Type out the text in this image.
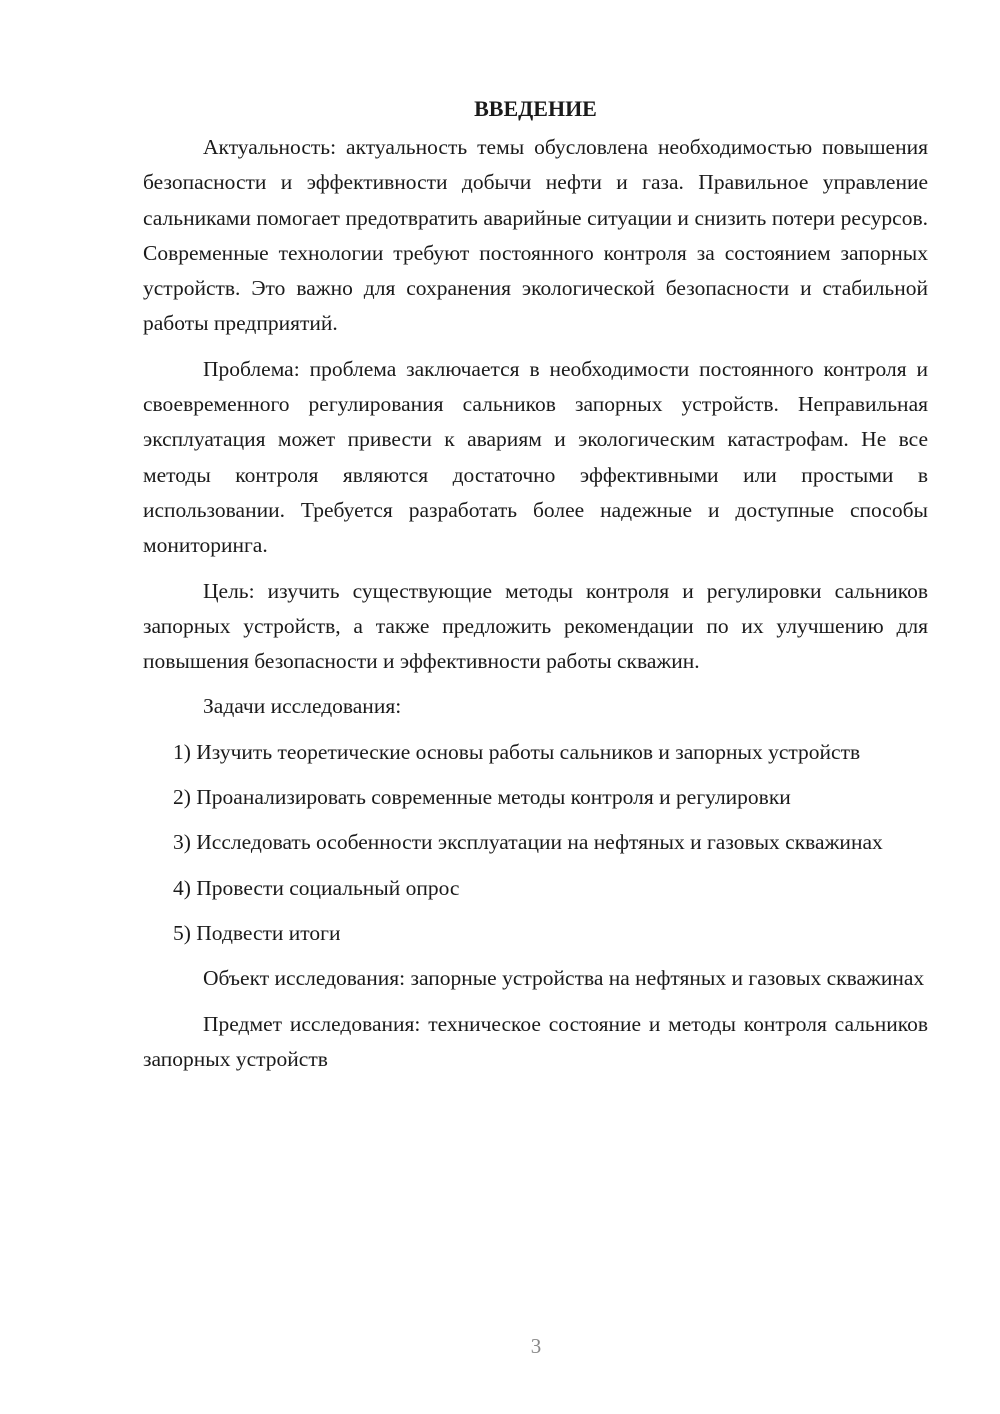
ВВЕДЕНИЕ

Актуальность: актуальность темы обусловлена необходимостью повышения безопасности и эффективности добычи нефти и газа. Правильное управление сальниками помогает предотвратить аварийные ситуации и снизить потери ресурсов. Современные технологии требуют постоянного контроля за состоянием запорных устройств. Это важно для сохранения экологической безопасности и стабильной работы предприятий.

Проблема: проблема заключается в необходимости постоянного контроля и своевременного регулирования сальников запорных устройств. Неправильная эксплуатация может привести к авариям и экологическим катастрофам. Не все методы контроля являются достаточно эффективными или простыми в использовании. Требуется разработать более надежные и доступные способы мониторинга.

Цель: изучить существующие методы контроля и регулировки сальников запорных устройств, а также предложить рекомендации по их улучшению для повышения безопасности и эффективности работы скважин.

Задачи исследования:

1) Изучить теоретические основы работы сальников и запорных устройств

2) Проанализировать современные методы контроля и регулировки

3) Исследовать особенности эксплуатации на нефтяных и газовых скважинах

4) Провести социальный опрос

5) Подвести итоги

Объект исследования: запорные устройства на нефтяных и газовых скважинах

Предмет исследования: техническое состояние и методы контроля сальников запорных устройств

3
